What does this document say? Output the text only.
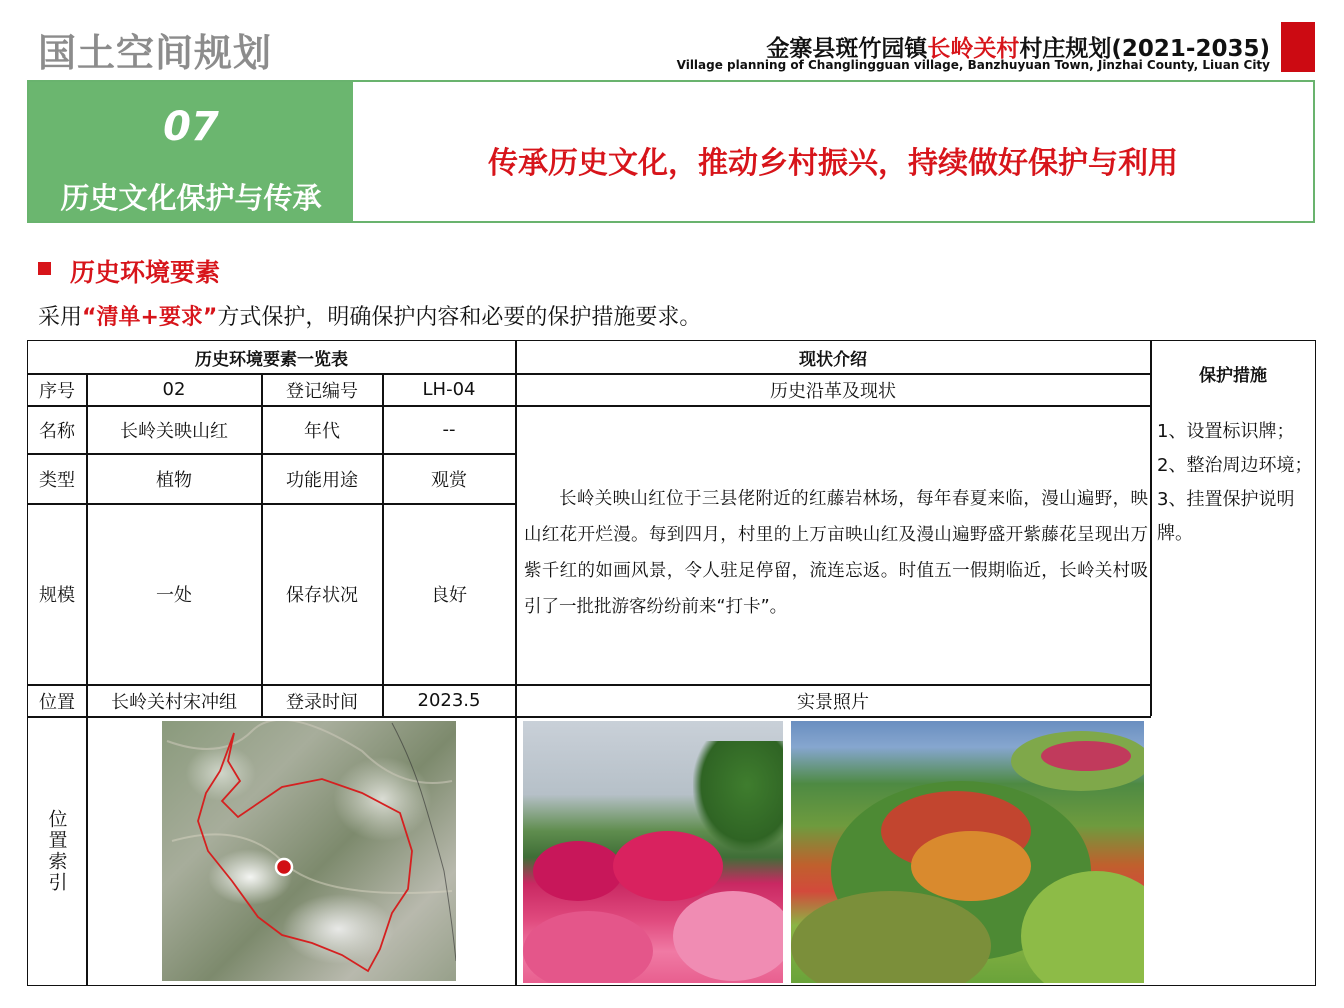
国土空间规划	金寨县斑竹园镇长岭关村村庄规划(2021-2035)
Village planning of Changlingguan village, Banzhuyuan Town, Jinzhai County, Liuan City
07
历史文化保护与传承
传承历史文化，推动乡村振兴，持续做好保护与利用
历史环境要素
采用“清单+要求”方式保护，明确保护内容和必要的保护措施要求。
历史环境要素一览表	现状介绍
保护措施
序号	02	登记编号	LH-04	历史沿革及现状
名称	长岭关映山红	年代	--
类型	植物	功能用途	观赏
规模	一处	保存状况	良好
长岭关映山红位于三县佬附近的红藤岩林场，每年春夏来临，漫山遍野，映山红花开烂漫。每到四月，村里的上万亩映山红及漫山遍野盛开紫藤花呈现出万紫千红的如画风景，令人驻足停留，流连忘返。时值五一假期临近，长岭关村吸引了一批批游客纷纷前来“打卡”。
1、设置标识牌；
2、整治周边环境；
3、挂置保护说明牌。
位置	长岭关村宋冲组	登录时间	2023.5	实景照片
位置索引
